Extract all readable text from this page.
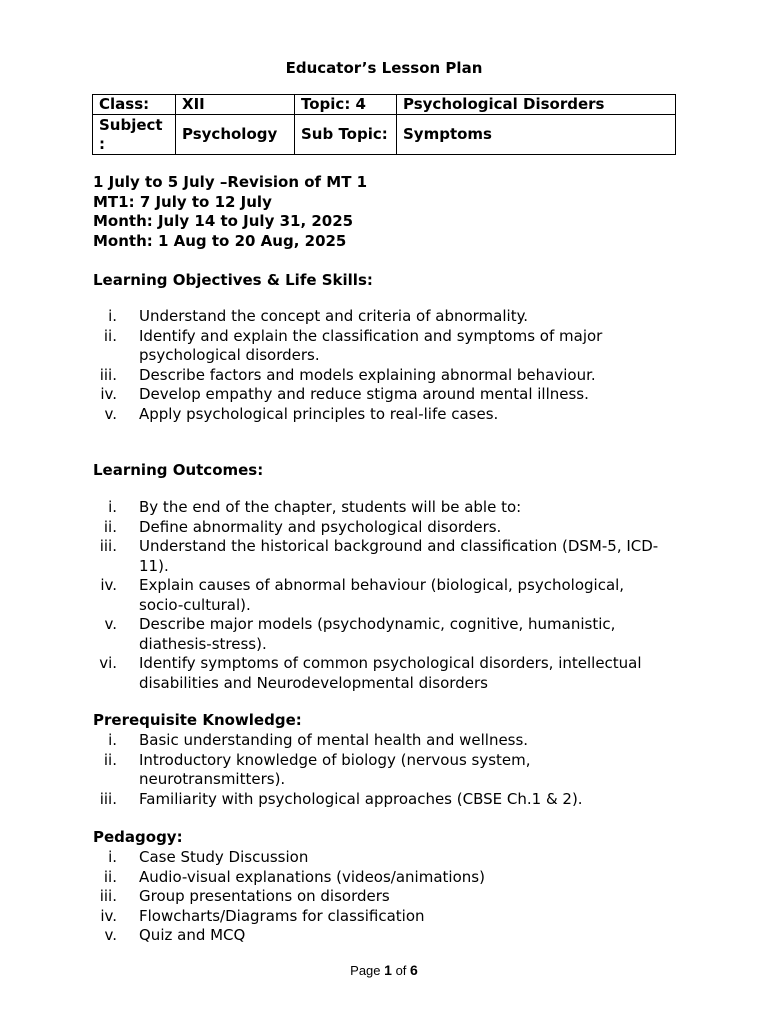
Educator’s Lesson Plan
Class:	XII	Topic: 4	Psychological Disorders
Subject :	Psychology	Sub Topic:	Symptoms
1 July to 5 July –Revision of MT 1
MT1: 7 July to 12 July
Month: July 14 to July 31, 2025
Month: 1 Aug to 20 Aug, 2025
Learning Objectives & Life Skills:
i. Understand the concept and criteria of abnormality.
ii. Identify and explain the classification and symptoms of major psychological disorders.
iii. Describe factors and models explaining abnormal behaviour.
iv. Develop empathy and reduce stigma around mental illness.
v. Apply psychological principles to real-life cases.
Learning Outcomes:
i. By the end of the chapter, students will be able to:
ii. Define abnormality and psychological disorders.
iii. Understand the historical background and classification (DSM-5, ICD-11).
iv. Explain causes of abnormal behaviour (biological, psychological, socio-cultural).
v. Describe major models (psychodynamic, cognitive, humanistic, diathesis-stress).
vi. Identify symptoms of common psychological disorders, intellectual disabilities and Neurodevelopmental disorders
Prerequisite Knowledge:
i. Basic understanding of mental health and wellness.
ii. Introductory knowledge of biology (nervous system, neurotransmitters).
iii. Familiarity with psychological approaches (CBSE Ch.1 & 2).
Pedagogy:
i. Case Study Discussion
ii. Audio-visual explanations (videos/animations)
iii. Group presentations on disorders
iv. Flowcharts/Diagrams for classification
v. Quiz and MCQ
Page 1 of 6
